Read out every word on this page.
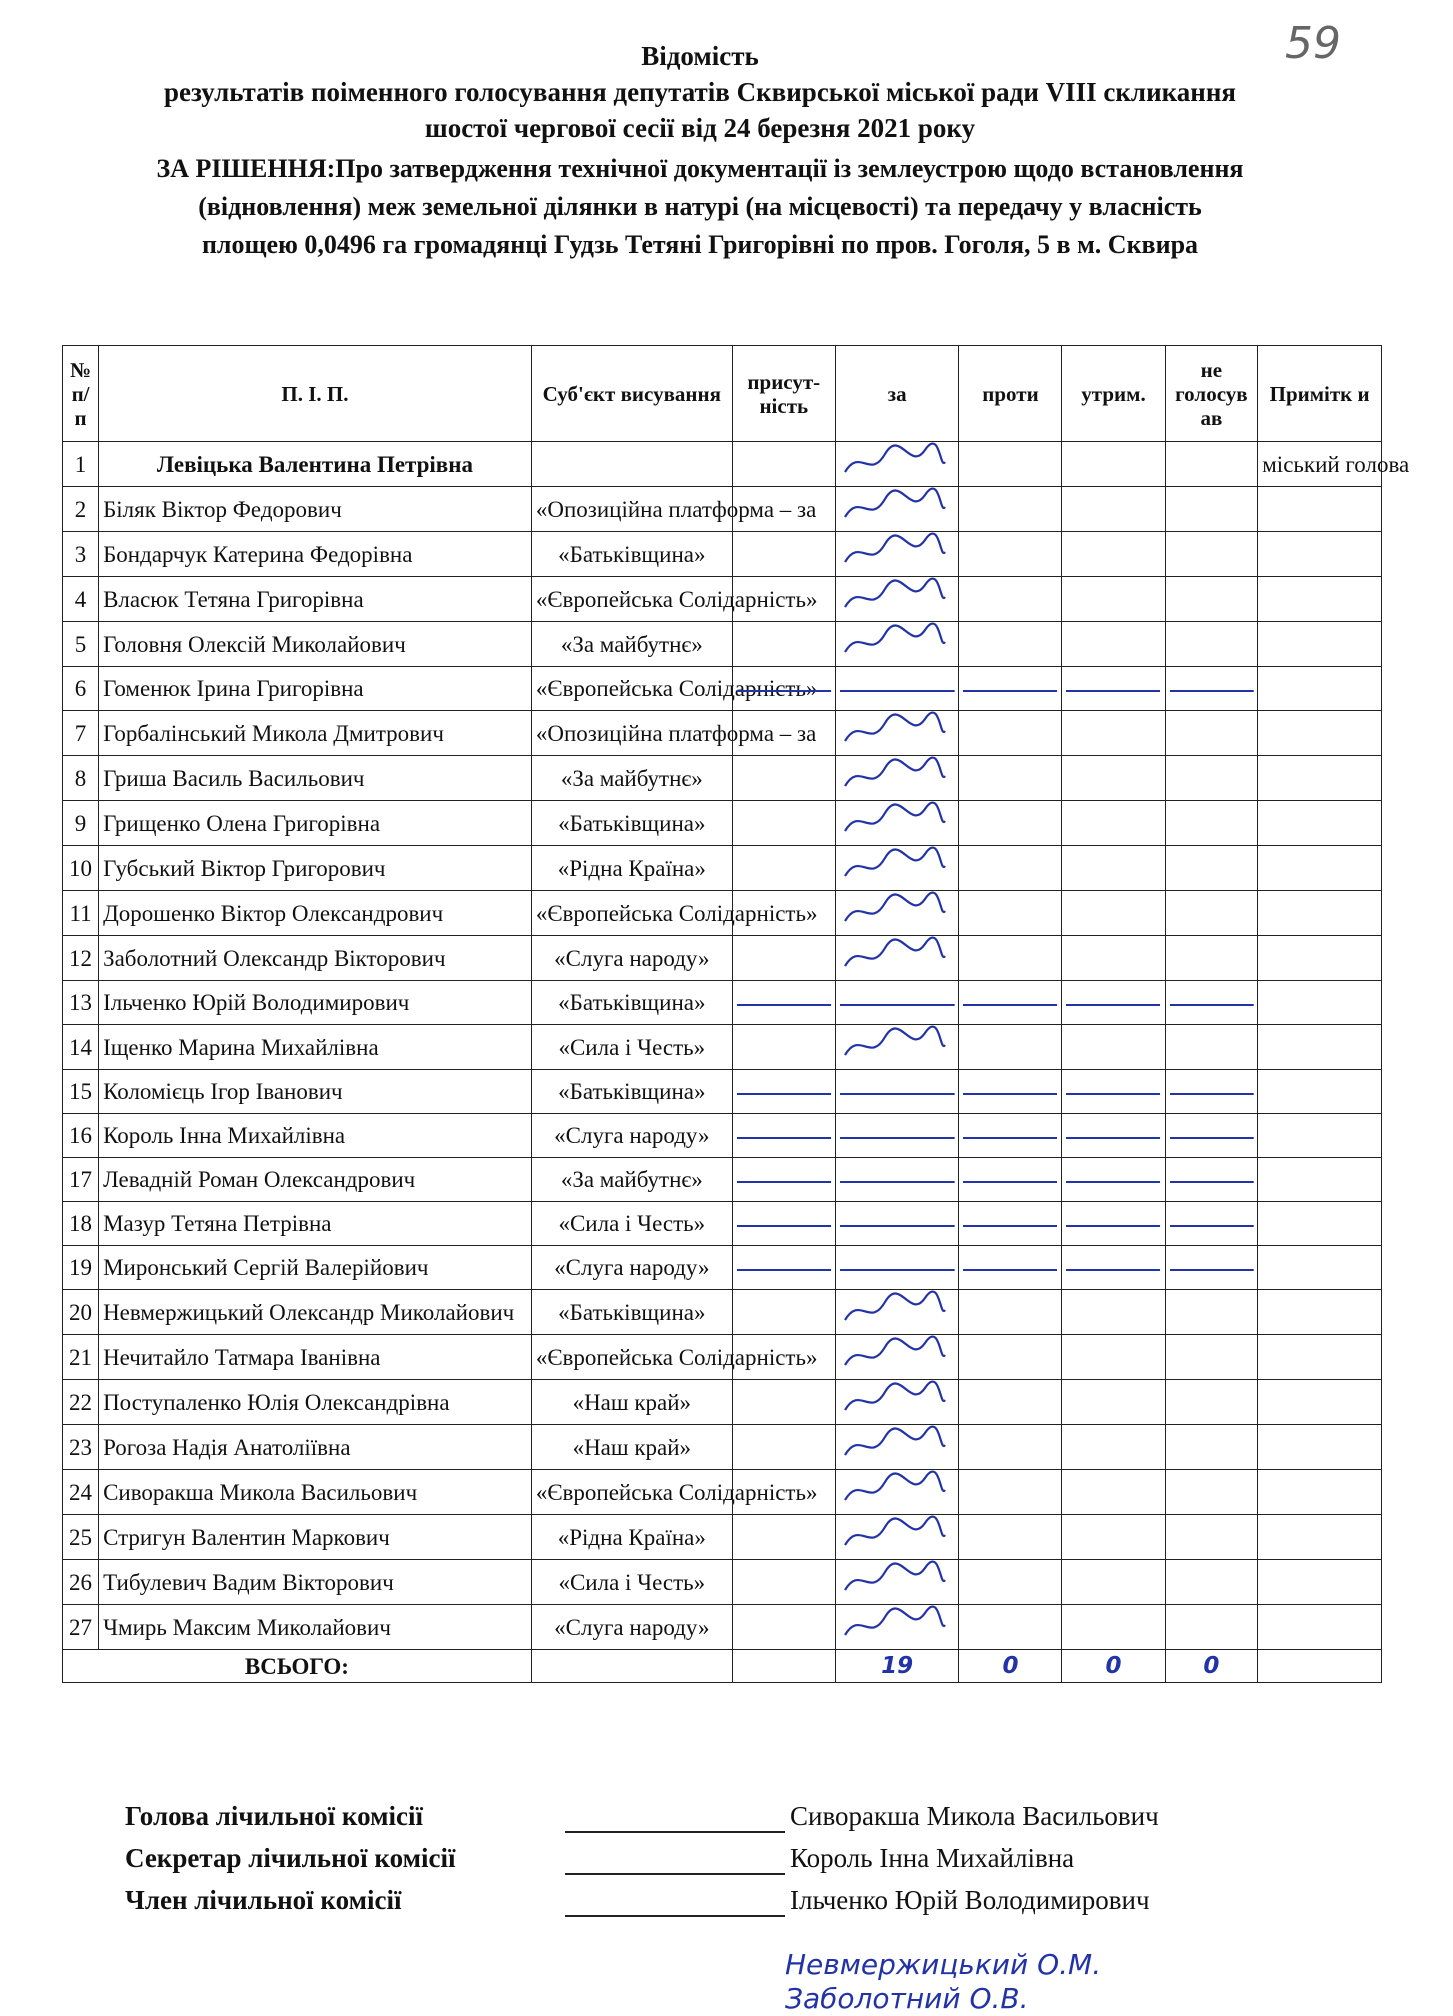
59
Відомість
результатів поіменного голосування депутатів Сквирської міської ради VIII скликання
шостої чергової сесії від 24 березня 2021 року
ЗА РІШЕННЯ:Про затвердження технічної документації із землеустрою щодо встановлення
(відновлення) меж земельної ділянки в натурі (на місцевості) та передачу у власність
площею 0,0496 га громадянці Гудзь Тетяні Григорівні по пров. Гоголя, 5 в м. Сквира
№ п/п	П. І. П.	Суб'єкт висування	присут-ність	за	проти	утрим.	не голосув ав	Примітк и
1	Левіцька Валентина Петрівна							міський голова
2	Біляк Віктор Федорович	«Опозиційна платформа – за						
3	Бондарчук Катерина Федорівна	«Батьківщина»						
4	Власюк Тетяна Григорівна	«Європейська Солідарність»						
5	Головня Олексій Миколайович	«За майбутнє»						
6	Гоменюк Ірина Григорівна	«Європейська Солідарність»						
7	Горбалінський Микола Дмитрович	«Опозиційна платформа – за						
8	Гриша Василь Васильович	«За майбутнє»						
9	Грищенко Олена Григорівна	«Батьківщина»						
10	Губський Віктор Григорович	«Рідна Країна»						
11	Дорошенко Віктор Олександрович	«Європейська Солідарність»						
12	Заболотний Олександр Вікторович	«Слуга народу»						
13	Ільченко Юрій Володимирович	«Батьківщина»						
14	Іщенко Марина Михайлівна	«Сила і Честь»						
15	Коломієць Ігор Іванович	«Батьківщина»						
16	Король Інна Михайлівна	«Слуга народу»						
17	Левадній Роман Олександрович	«За майбутнє»						
18	Мазур Тетяна Петрівна	«Сила і Честь»						
19	Миронський Сергій Валерійович	«Слуга народу»						
20	Невмержицький Олександр Миколайович	«Батьківщина»						
21	Нечитайло Татмара Іванівна	«Європейська Солідарність»						
22	Поступаленко Юлія Олександрівна	«Наш край»						
23	Рогоза Надія Анатоліївна	«Наш край»						
24	Сиворакша Микола Васильович	«Європейська Солідарність»						
25	Стригун Валентин Маркович	«Рідна Країна»						
26	Тибулевич Вадим Вікторович	«Сила і Честь»						
27	Чмирь Максим Миколайович	«Слуга народу»						
ВСЬОГО:				19	0	0	0	
Голова лічильної комісії	Сиворакша Микола Васильович
Секретар лічильної комісії	Король Інна Михайлівна
Член лічильної комісії	Ільченко Юрій Володимирович
Невмержицький О.М.
Заболотний О.В.
